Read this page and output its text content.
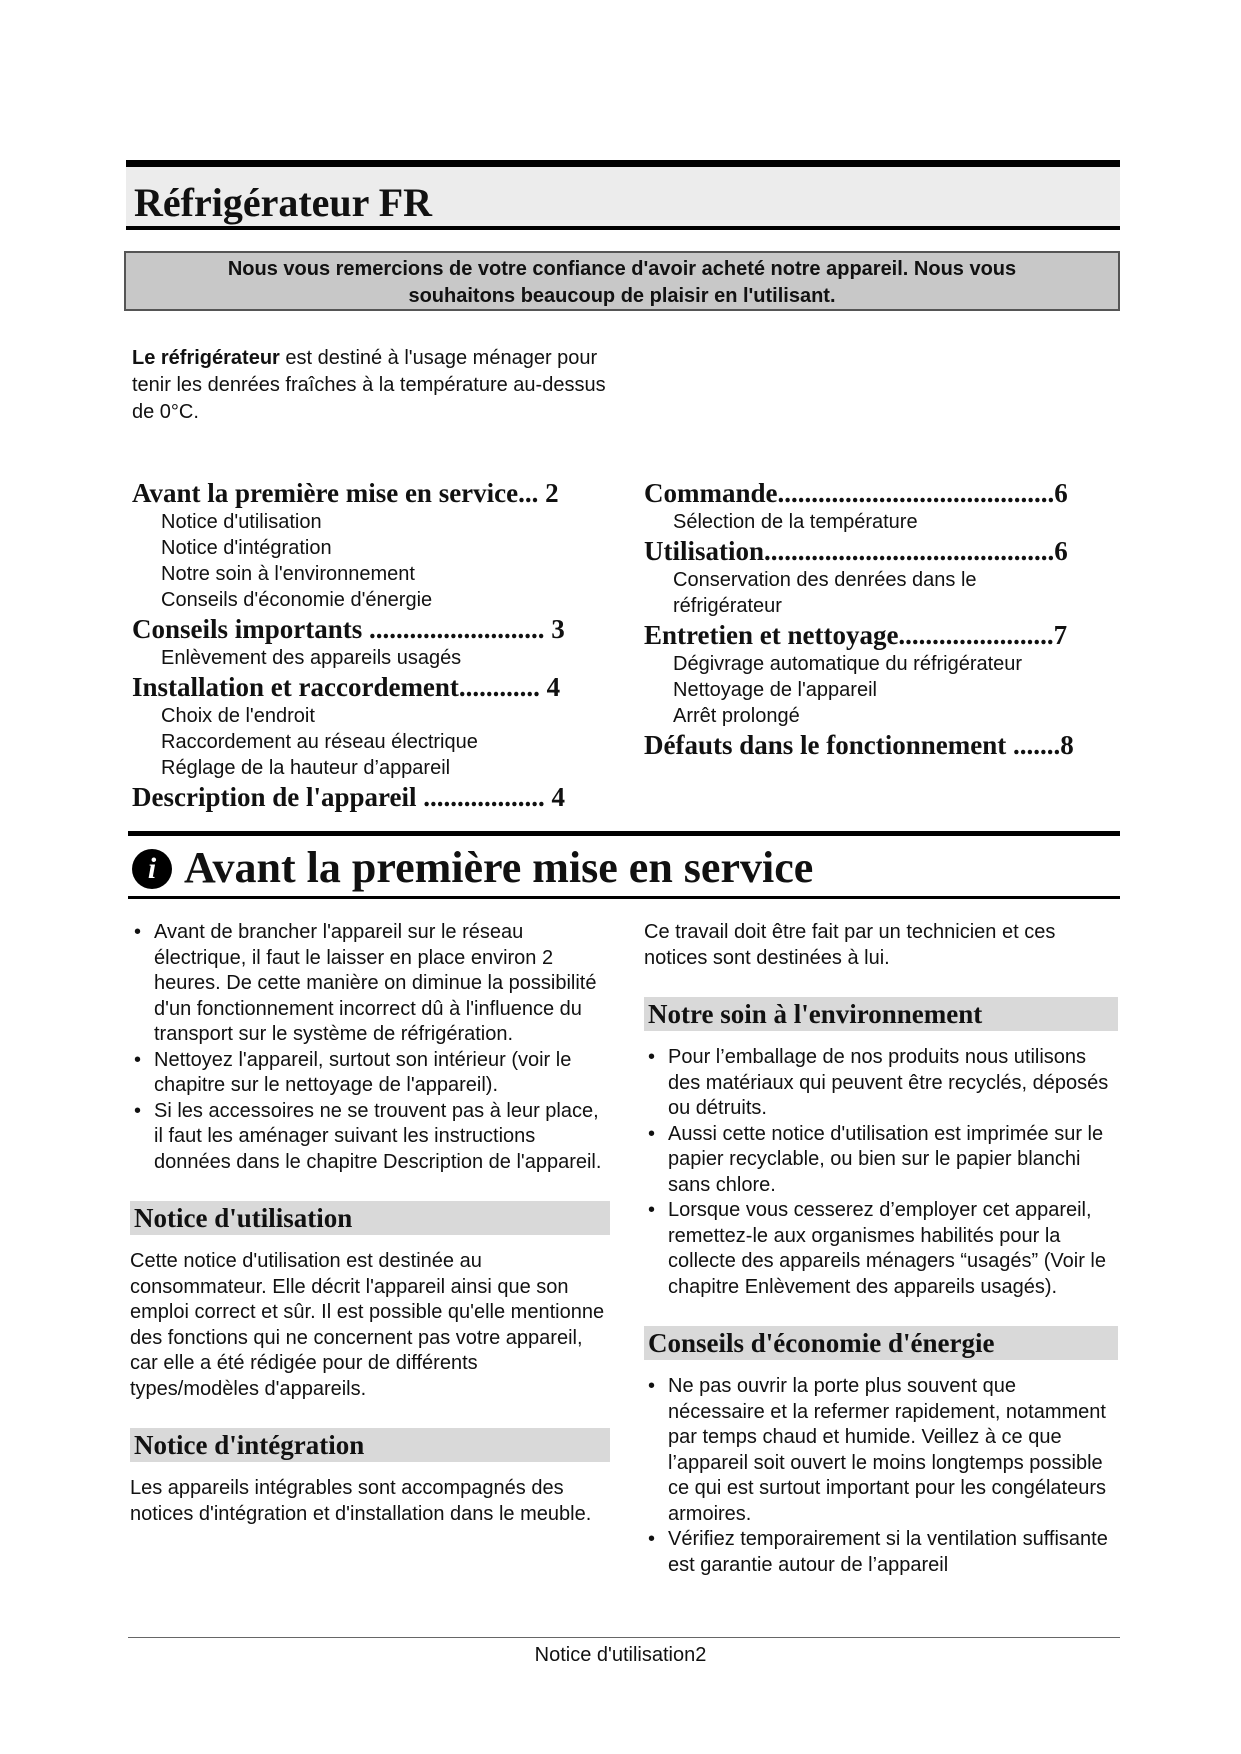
Réfrigérateur FR
Nous vous remercions de votre confiance d'avoir acheté notre appareil. Nous vous
souhaitons beaucoup de plaisir en l'utilisant.
Le réfrigérateur est destiné à l'usage ménager pour tenir les denrées fraîches à la température au-dessus de 0°C.

Avant la première mise en service... 2

Notice d'utilisation

Notice d'intégration

Notre soin à l'environnement

Conseils d'économie d'énergie

Conseils importants .......................... 3

Enlèvement des appareils usagés

Installation et raccordement............ 4

Choix de l'endroit

Raccordement au réseau électrique

Réglage de la hauteur d’appareil

Description de l'appareil .................. 4

Commande.........................................6

Sélection de la température

Utilisation...........................................6

Conservation des denrées dans le réfrigérateur

Entretien et nettoyage.......................7

Dégivrage automatique du réfrigérateur

Nettoyage de l'appareil

Arrêt prolongé

Défauts dans le fonctionnement .......8

i Avant la première mise en service
• Avant de brancher l'appareil sur le réseau électrique, il faut le laisser en place environ 2 heures. De cette manière on diminue la possibilité d'un fonctionnement incorrect dû à l'influence du transport sur le système de réfrigération.
• Nettoyez l'appareil, surtout son intérieur (voir le chapitre sur le nettoyage de l'appareil).
• Si les accessoires ne se trouvent pas à leur place, il faut les aménager suivant les instructions données dans le chapitre Description de l'appareil.
Notice d'utilisation

Cette notice d'utilisation est destinée au consommateur. Elle décrit l'appareil ainsi que son emploi correct et sûr. Il est possible qu'elle mentionne des fonctions qui ne concernent pas votre appareil, car elle a été rédigée pour de différents types/modèles d'appareils.

Notice d'intégration

Les appareils intégrables sont accompagnés des notices d'intégration et d'installation dans le meuble.

Ce travail doit être fait par un technicien et ces notices sont destinées à lui.

Notre soin à l'environnement
• Pour l’emballage de nos produits nous utilisons des matériaux qui peuvent être recyclés, déposés ou détruits.
• Aussi cette notice d'utilisation est imprimée sur le papier recyclable, ou bien sur le papier blanchi sans chlore.
• Lorsque vous cesserez d’employer cet appareil, remettez-le aux organismes habilités pour la collecte des appareils ménagers “usagés” (Voir le chapitre Enlèvement des appareils usagés).
Conseils d'économie d'énergie
• Ne pas ouvrir la porte plus souvent que nécessaire et la refermer rapidement, notamment par temps chaud et humide. Veillez à ce que l’appareil soit ouvert le moins longtemps possible ce qui est surtout important pour les congélateurs armoires.
• Vérifiez temporairement si la ventilation suffisante est garantie autour de l’appareil
Notice d'utilisation2
